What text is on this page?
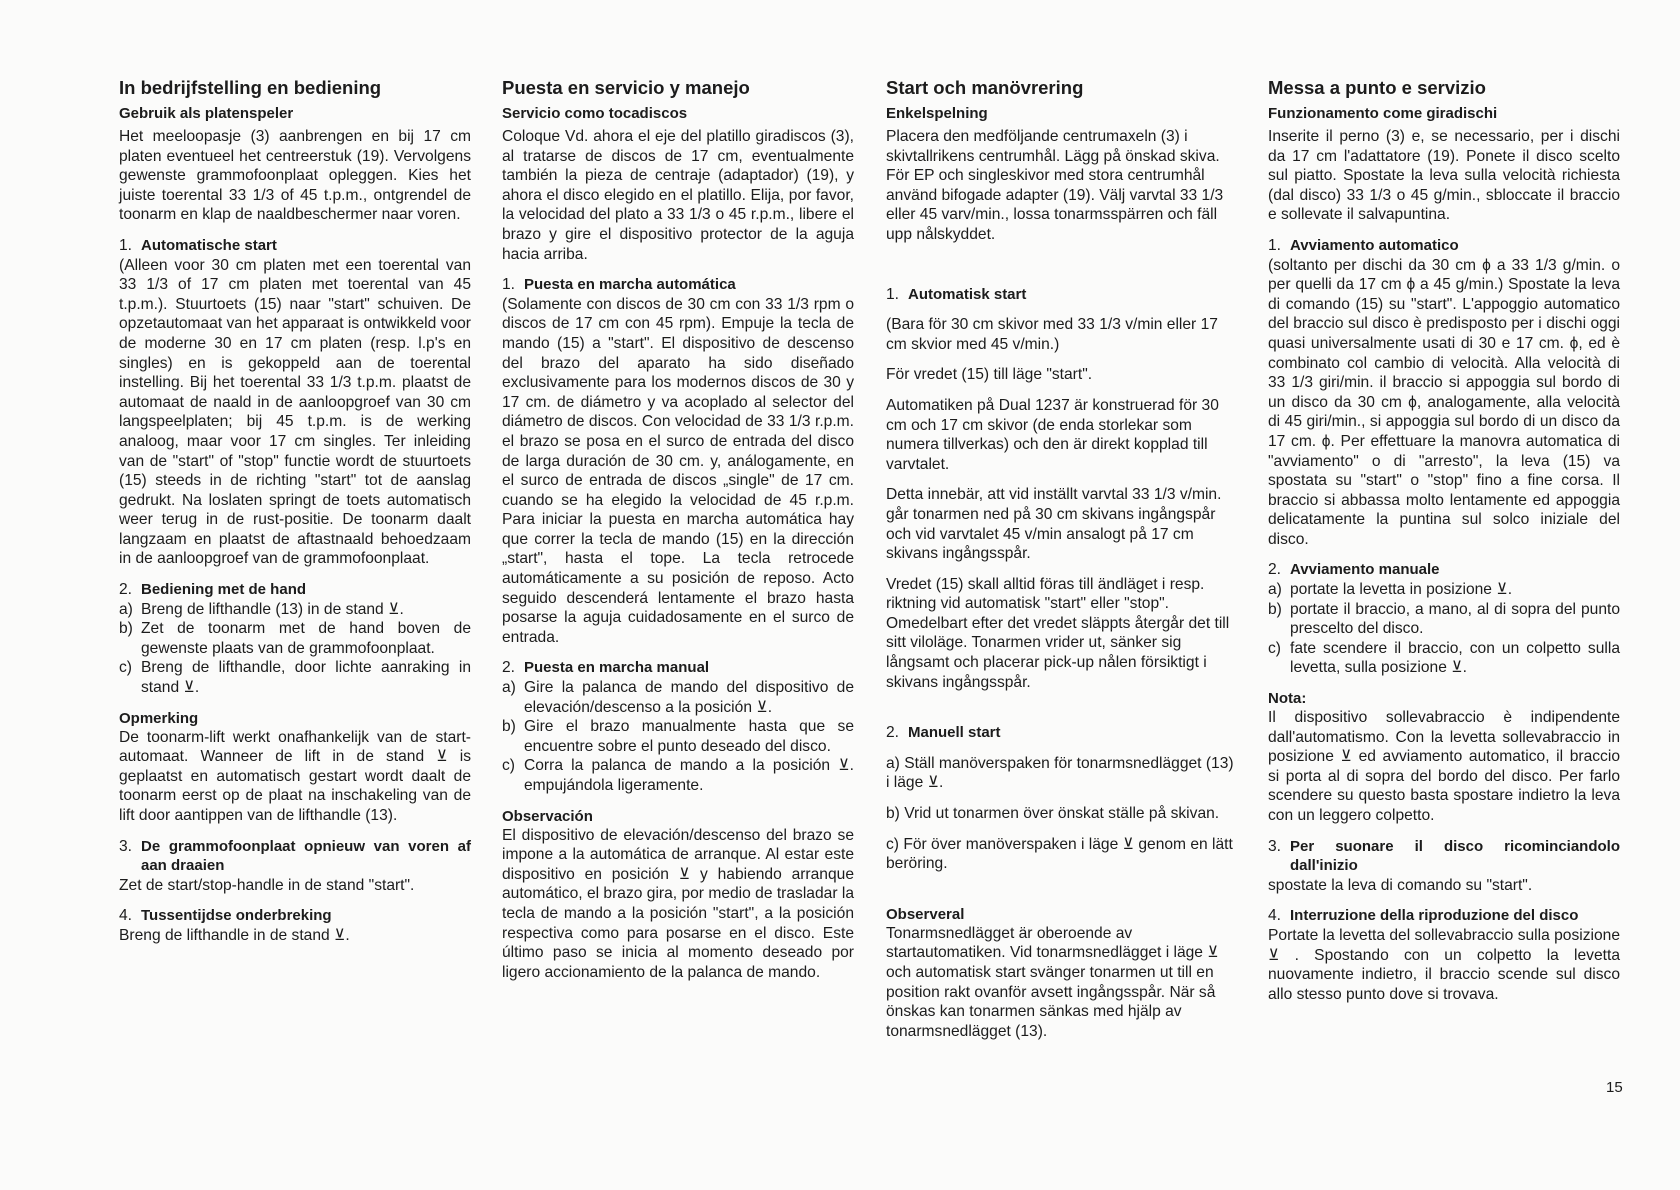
In bedrijfstelling en bediening
Gebruik als platenspeler

Het meeloopasje (3) aanbrengen en bij 17 cm platen eventueel het centreerstuk (19). Vervolgens gewenste grammofoonplaat opleggen. Kies het juiste toerental 33 1/3 of 45 t.p.m., ontgrendel de toonarm en klap de naaldbeschermer naar voren.

1. Automatische start

(Alleen voor 30 cm platen met een toerental van 33 1/3 of 17 cm platen met toerental van 45 t.p.m.). Stuurtoets (15) naar "start" schuiven. De opzetautomaat van het apparaat is ontwikkeld voor de moderne 30 en 17 cm platen (resp. l.p's en singles) en is gekoppeld aan de toerental instelling. Bij het toerental 33 1/3 t.p.m. plaatst de automaat de naald in de aanloopgroef van 30 cm langspeelplaten; bij 45 t.p.m. is de werking analoog, maar voor 17 cm singles. Ter inleiding van de "start" of "stop" functie wordt de stuurtoets (15) steeds in de richting "start" tot de aanslag gedrukt. Na loslaten springt de toets automatisch weer terug in de rust-positie. De toonarm daalt langzaam en plaatst de aftastnaald behoedzaam in de aanloopgroef van de grammofoonplaat.

2. Bediening met de hand
a) Breng de lifthandle (13) in de stand ⊻.
b) Zet de toonarm met de hand boven de gewenste plaats van de grammofoonplaat.
c) Breng de lifthandle, door lichte aanraking in stand ⊻.
Opmerking

De toonarm-lift werkt onafhankelijk van de start-automaat. Wanneer de lift in de stand ⊻ is geplaatst en automatisch gestart wordt daalt de toonarm eerst op de plaat na inschakeling van de lift door aantippen van de lifthandle (13).

3. De grammofoonplaat opnieuw van voren af aan draaien

Zet de start/stop-handle in de stand "start".

4. Tussentijdse onderbreking

Breng de lifthandle in de stand ⊻.

Puesta en servicio y manejo
Servicio como tocadiscos

Coloque Vd. ahora el eje del platillo giradiscos (3), al tratarse de discos de 17 cm, eventualmente también la pieza de centraje (adaptador) (19), y ahora el disco elegido en el platillo. Elija, por favor, la velocidad del plato a 33 1/3 o 45 r.p.m., libere el brazo y gire el dispositivo protector de la aguja hacia arriba.

1. Puesta en marcha automática

(Solamente con discos de 30 cm con 33 1/3 rpm o discos de 17 cm con 45 rpm). Empuje la tecla de mando (15) a "start". El dispositivo de descenso del brazo del aparato ha sido diseñado exclusivamente para los modernos discos de 30 y 17 cm. de diámetro y va acoplado al selector del diámetro de discos. Con velocidad de 33 1/3 r.p.m. el brazo se posa en el surco de entrada del disco de larga duración de 30 cm. y, análogamente, en el surco de entrada de discos „single" de 17 cm. cuando se ha elegido la velocidad de 45 r.p.m. Para iniciar la puesta en marcha automática hay que correr la tecla de mando (15) en la dirección „start", hasta el tope. La tecla retrocede automáticamente a su posición de reposo. Acto seguido descenderá lentamente el brazo hasta posarse la aguja cuidadosamente en el surco de entrada.

2. Puesta en marcha manual
a) Gire la palanca de mando del dispositivo de elevación/descenso a la posición ⊻.
b) Gire el brazo manualmente hasta que se encuentre sobre el punto deseado del disco.
c) Corra la palanca de mando a la posición ⊻. empujándola ligeramente.
Observación

El dispositivo de elevación/descenso del brazo se impone a la automática de arranque. Al estar este dispositivo en posición ⊻ y habiendo arranque automático, el brazo gira, por medio de trasladar la tecla de mando a la posición "start", a la posición respectiva como para posarse en el disco. Este último paso se inicia al momento deseado por ligero accionamiento de la palanca de mando.

Start och manövrering
Enkelspelning

Placera den medföljande centrumaxeln (3) i skivtallrikens centrumhål. Lägg på önskad skiva. För EP och singleskivor med stora centrumhål använd bifogade adapter (19). Välj varvtal 33 1/3 eller 45 varv/min., lossa tonarmsspärren och fäll upp nålskyddet.

1. Automatisk start

(Bara för 30 cm skivor med 33 1/3 v/min eller 17 cm skvior med 45 v/min.)

För vredet (15) till läge "start".

Automatiken på Dual 1237 är konstruerad för 30 cm och 17 cm skivor (de enda storlekar som numera tillverkas) och den är direkt kopplad till varvtalet.

Detta innebär, att vid inställt varvtal 33 1/3 v/min. går tonarmen ned på 30 cm skivans ingångspår och vid varvtalet 45 v/min ansalogt på 17 cm skivans ingångsspår.

Vredet (15) skall alltid föras till ändläget i resp. riktning vid automatisk "start" eller "stop". Omedelbart efter det vredet släppts återgår det till sitt viloläge. Tonarmen vrider ut, sänker sig långsamt och placerar pick-up nålen försiktigt i skivans ingångsspår.

2. Manuell start

a) Ställ manöverspaken för tonarmsnedlägget (13) i läge ⊻.

b) Vrid ut tonarmen över önskat ställe på skivan.

c) För över manöverspaken i läge ⊻ genom en lätt beröring.

Observeral

Tonarmsnedlägget är oberoende av startautomatiken. Vid tonarmsnedlägget i läge ⊻ och automatisk start svänger tonarmen ut till en position rakt ovanför avsett ingångsspår. När så önskas kan tonarmen sänkas med hjälp av tonarmsnedlägget (13).

Messa a punto e servizio
Funzionamento come giradischi

Inserite il perno (3) e, se necessario, per i dischi da 17 cm l'adattatore (19). Ponete il disco scelto sul piatto. Spostate la leva sulla velocità richiesta (dal disco) 33 1/3 o 45 g/min., sbloccate il braccio e sollevate il salvapuntina.

1. Avviamento automatico

(soltanto per dischi da 30 cm ϕ a 33 1/3 g/min. o per quelli da 17 cm ϕ a 45 g/min.) Spostate la leva di comando (15) su "start". L'appoggio automatico del braccio sul disco è predisposto per i dischi oggi quasi universalmente usati di 30 e 17 cm. ϕ, ed è combinato col cambio di velocità. Alla velocità di 33 1/3 giri/min. il braccio si appoggia sul bordo di un disco da 30 cm ϕ, analogamente, alla velocità di 45 giri/min., si appoggia sul bordo di un disco da 17 cm. ϕ. Per effettuare la manovra automatica di "avviamento" o di "arresto", la leva (15) va spostata su "start" o "stop" fino a fine corsa. Il braccio si abbassa molto lentamente ed appoggia delicatamente la puntina sul solco iniziale del disco.

2. Avviamento manuale
a) portate la levetta in posizione ⊻.
b) portate il braccio, a mano, al di sopra del punto prescelto del disco.
c) fate scendere il braccio, con un colpetto sulla levetta, sulla posizione ⊻.
Nota:

Il dispositivo sollevabraccio è indipendente dall'automatismo. Con la levetta sollevabraccio in posizione ⊻ ed avviamento automatico, il braccio si porta al di sopra del bordo del disco. Per farlo scendere su questo basta spostare indietro la leva con un leggero colpetto.

3. Per suonare il disco ricominciandolo dall'inizio

spostate la leva di comando su "start".

4. Interruzione della riproduzione del disco

Portate la levetta del sollevabraccio sulla posizione ⊻ . Spostando con un colpetto la levetta nuovamente indietro, il braccio scende sul disco allo stesso punto dove si trovava.

15
